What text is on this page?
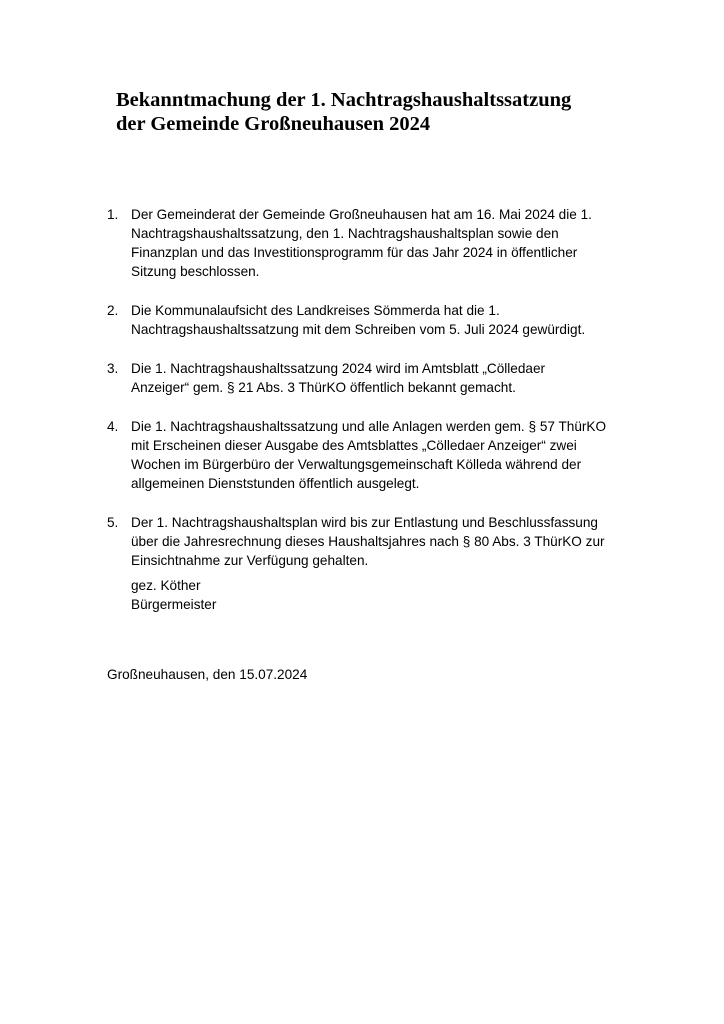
Bekanntmachung der 1. Nachtragshaushaltssatzung
der Gemeinde Großneuhausen 2024
1. Der Gemeinderat der Gemeinde Großneuhausen hat am 16. Mai 2024 die 1.
Nachtragshaushaltssatzung, den 1. Nachtragshaushaltsplan sowie den
Finanzplan und das Investitionsprogramm für das Jahr 2024 in öffentlicher
Sitzung beschlossen.
2. Die Kommunalaufsicht des Landkreises Sömmerda hat die 1.
Nachtragshaushaltssatzung mit dem Schreiben vom 5. Juli 2024 gewürdigt.
3. Die 1. Nachtragshaushaltssatzung 2024 wird im Amtsblatt „Cölledaer
Anzeiger“ gem. § 21 Abs. 3 ThürKO öffentlich bekannt gemacht.
4. Die 1. Nachtragshaushaltssatzung und alle Anlagen werden gem. § 57 ThürKO
mit Erscheinen dieser Ausgabe des Amtsblattes „Cölledaer Anzeiger“ zwei
Wochen im Bürgerbüro der Verwaltungsgemeinschaft Kölleda während der
allgemeinen Dienststunden öffentlich ausgelegt.
5. Der 1. Nachtragshaushaltsplan wird bis zur Entlastung und Beschlussfassung
über die Jahresrechnung dieses Haushaltsjahres nach § 80 Abs. 3 ThürKO zur
Einsichtnahme zur Verfügung gehalten.
gez. Köther
Bürgermeister
Großneuhausen, den 15.07.2024
